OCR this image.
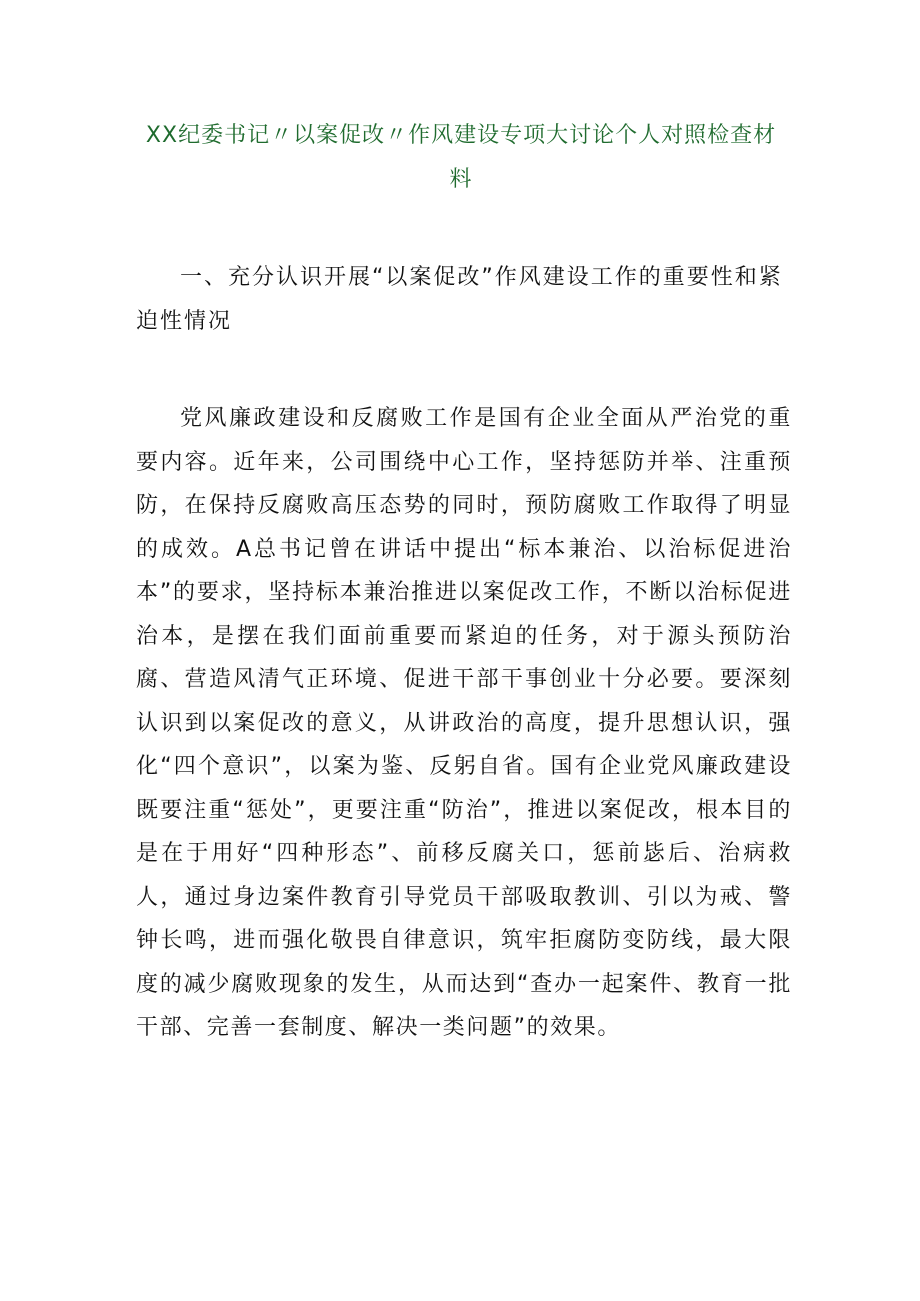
XX纪委书记〃以案促改〃作风建设专项大讨论个人对照检查材料

一、充分认识开展“以案促改”作风建设工作的重要性和紧迫性情况

党风廉政建设和反腐败工作是国有企业全面从严治党的重要内容。近年来，公司围绕中心工作，坚持惩防并举、注重预防，在保持反腐败高压态势的同时，预防腐败工作取得了明显的成效。A总书记曾在讲话中提出“标本兼治、以治标促进治本”的要求，坚持标本兼治推进以案促改工作，不断以治标促进治本，是摆在我们面前重要而紧迫的任务，对于源头预防治腐、营造风清气正环境、促进干部干事创业十分必要。要深刻认识到以案促改的意义，从讲政治的高度，提升思想认识，强化“四个意识”，以案为鉴、反躬自省。国有企业党风廉政建设既要注重“惩处”，更要注重“防治”，推进以案促改，根本目的是在于用好“四种形态”、前移反腐关口，惩前毖后、治病救人，通过身边案件教育引导党员干部吸取教训、引以为戒、警钟长鸣，进而强化敬畏自律意识，筑牢拒腐防变防线，最大限度的减少腐败现象的发生，从而达到“查办一起案件、教育一批干部、完善一套制度、解决一类问题”的效果。
